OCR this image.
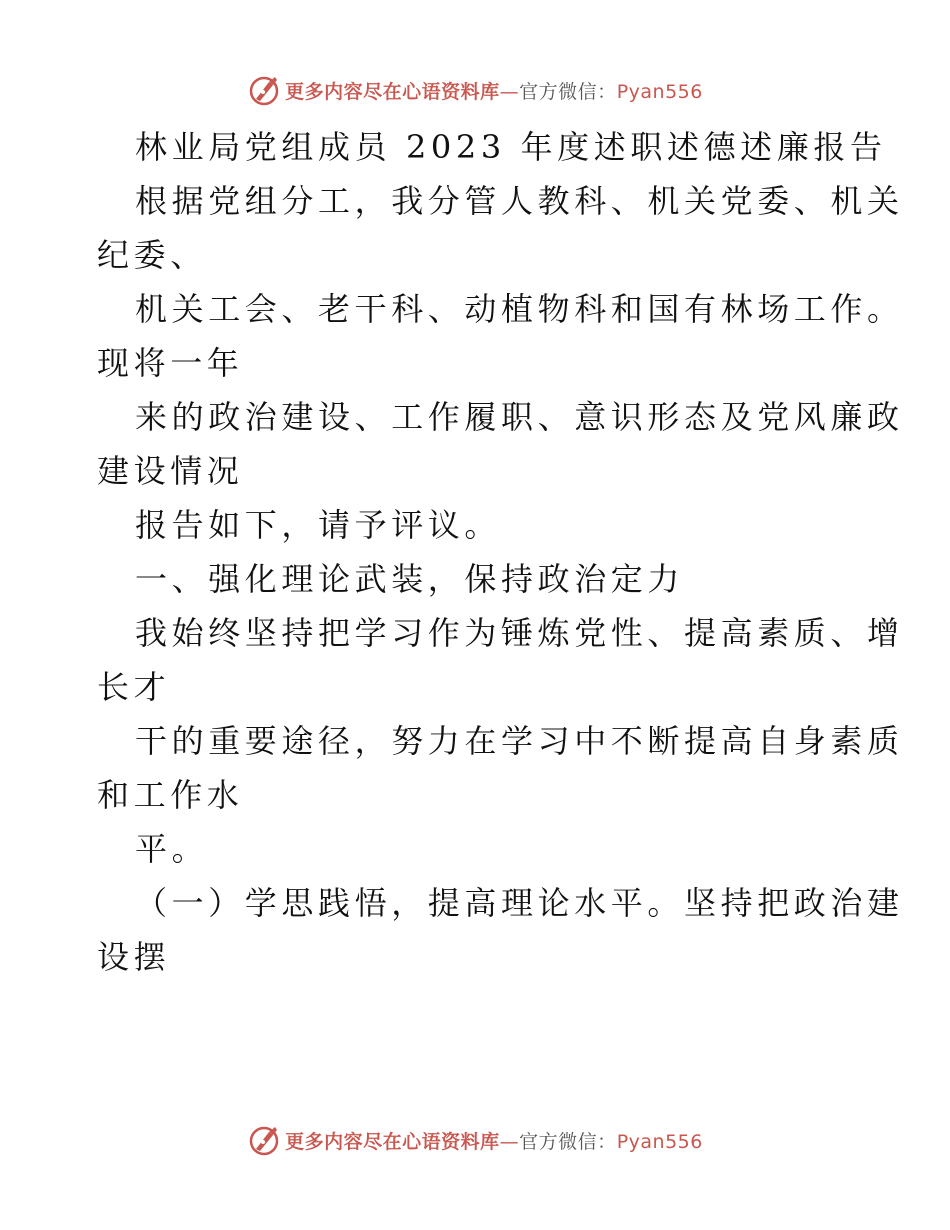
更多内容尽在心语资料库—官方微信：Pyan556
林业局党组成员 2023 年度述职述德述廉报告
根据党组分工，我分管人教科、机关党委、机关
纪委、
机关工会、老干科、动植物科和国有林场工作。
现将一年
来的政治建设、工作履职、意识形态及党风廉政
建设情况
报告如下，请予评议。
一、强化理论武装，保持政治定力
我始终坚持把学习作为锤炼党性、提高素质、增
长才
干的重要途径，努力在学习中不断提高自身素质
和工作水
平。
（一）学思践悟，提高理论水平。坚持把政治建
设摆
更多内容尽在心语资料库—官方微信：Pyan556
